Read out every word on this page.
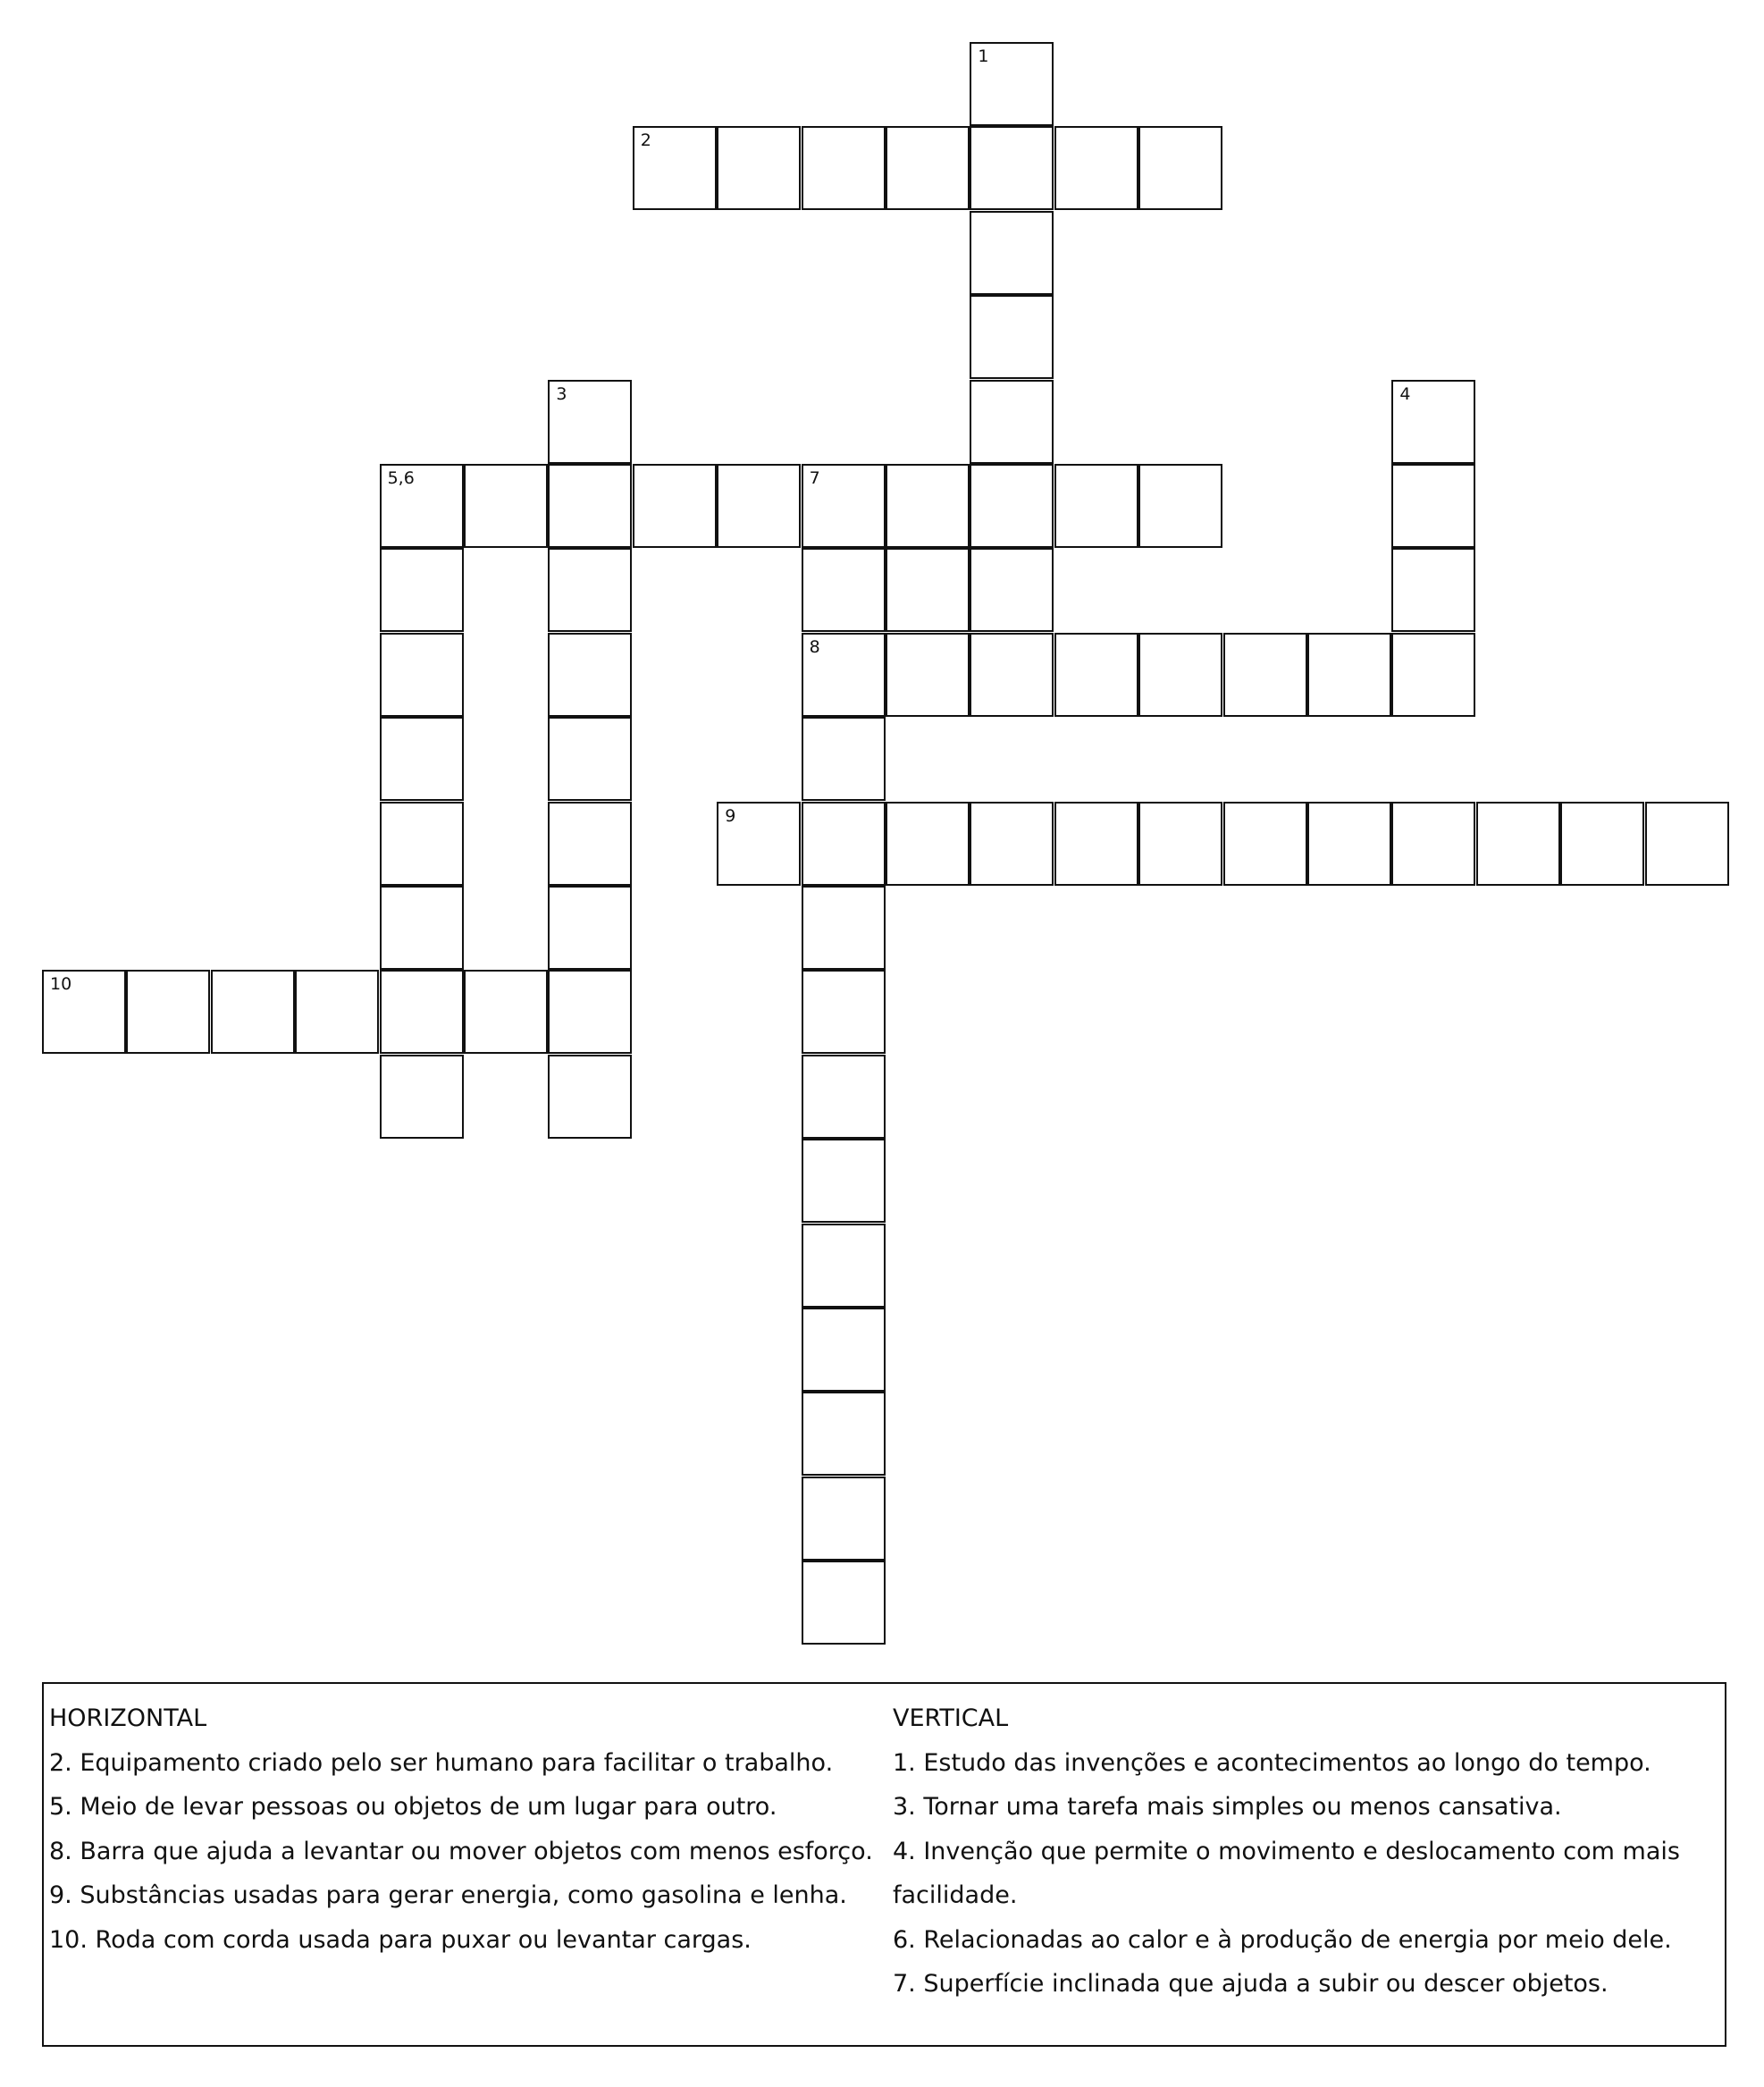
1
2
3	4
5,6	7
8
9
10
HORIZONTAL
2. Equipamento criado pelo ser humano para facilitar o trabalho.
5. Meio de levar pessoas ou objetos de um lugar para outro.
8. Barra que ajuda a levantar ou mover objetos com menos esforço.
9. Substâncias usadas para gerar energia, como gasolina e lenha.
10. Roda com corda usada para puxar ou levantar cargas.
VERTICAL
1. Estudo das invenções e acontecimentos ao longo do tempo.
3. Tornar uma tarefa mais simples ou menos cansativa.
4. Invenção que permite o movimento e deslocamento com mais facilidade.
6. Relacionadas ao calor e à produção de energia por meio dele.
7. Superfície inclinada que ajuda a subir ou descer objetos.
